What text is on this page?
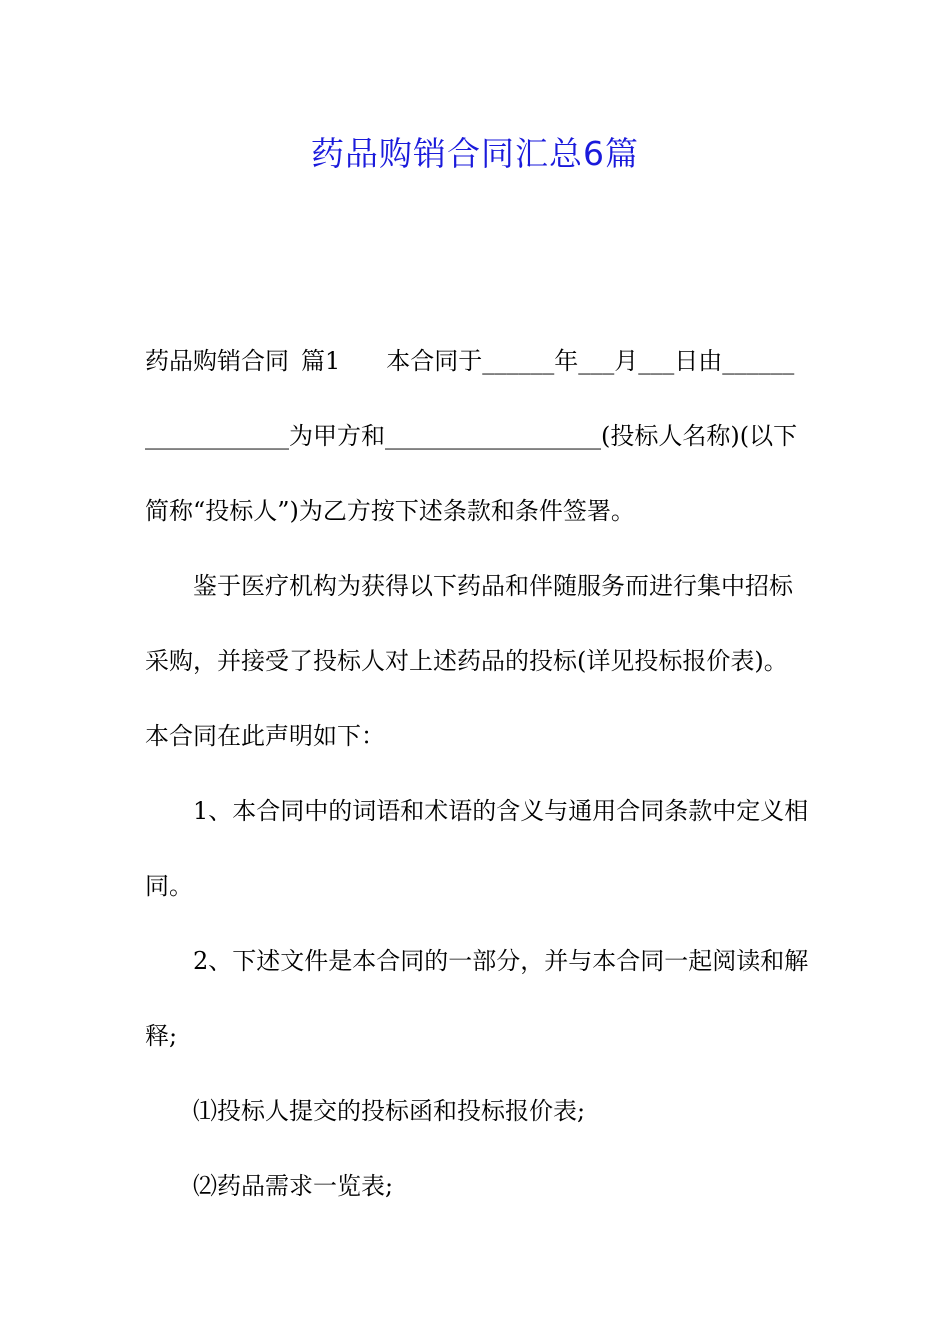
药品购销合同汇总6篇
药品购销合同 篇1 本合同于______年___月___日由______
____________为甲方和__________________(投标人名称)(以下
简称“投标人”)为乙方按下述条款和条件签署。
鉴于医疗机构为获得以下药品和伴随服务而进行集中招标
采购，并接受了投标人对上述药品的投标(详见投标报价表)。
本合同在此声明如下：
1、本合同中的词语和术语的含义与通用合同条款中定义相
同。
2、下述文件是本合同的一部分，并与本合同一起阅读和解
释;
⑴投标人提交的投标函和投标报价表;
⑵药品需求一览表;
